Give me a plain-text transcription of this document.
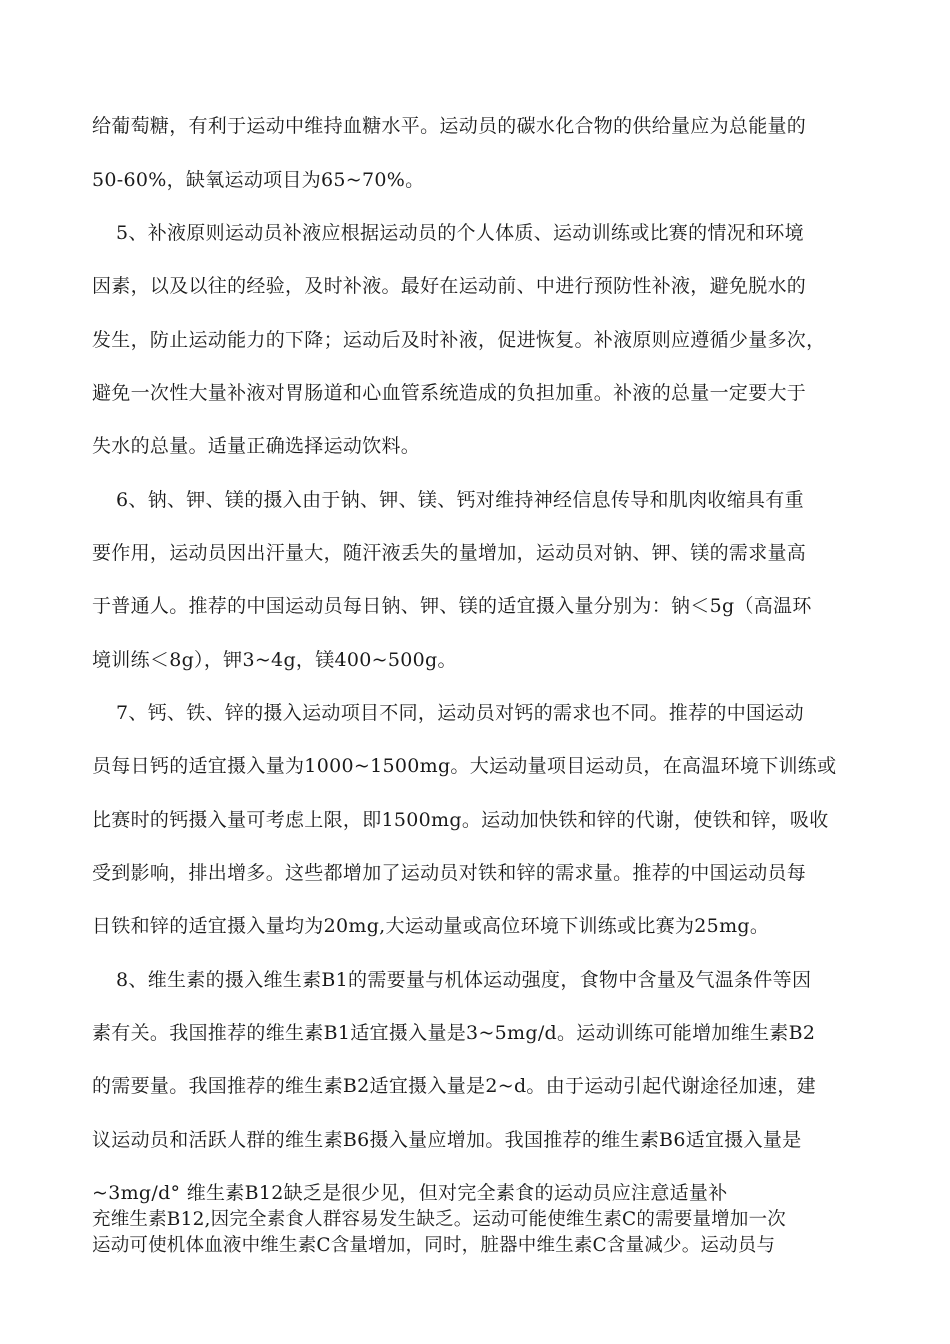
给葡萄糖，有利于运动中维持血糖水平。运动员的碳水化合物的供给量应为总能量的
50-60%，缺氧运动项目为65~70%。
5、补液原则运动员补液应根据运动员的个人体质、运动训练或比赛的情况和环境
因素，以及以往的经验，及时补液。最好在运动前、中进行预防性补液，避免脱水的
发生，防止运动能力的下降；运动后及时补液，促进恢复。补液原则应遵循少量多次，
避免一次性大量补液对胃肠道和心血管系统造成的负担加重。补液的总量一定要大于
失水的总量。适量正确选择运动饮料。
6、钠、钾、镁的摄入由于钠、钾、镁、钙对维持神经信息传导和肌肉收缩具有重
要作用，运动员因出汗量大，随汗液丢失的量增加，运动员对钠、钾、镁的需求量高
于普通人。推荐的中国运动员每日钠、钾、镁的适宜摄入量分别为：钠＜5g（高温环
境训练＜8g），钾3~4g，镁400~500g。
7、钙、铁、锌的摄入运动项目不同，运动员对钙的需求也不同。推荐的中国运动
员每日钙的适宜摄入量为1000~1500mg。大运动量项目运动员，在高温环境下训练或
比赛时的钙摄入量可考虑上限，即1500mg。运动加快铁和锌的代谢，使铁和锌，吸收
受到影响，排出增多。这些都增加了运动员对铁和锌的需求量。推荐的中国运动员每
日铁和锌的适宜摄入量均为20mg,大运动量或高位环境下训练或比赛为25mg。
8、维生素的摄入维生素B1的需要量与机体运动强度，食物中含量及气温条件等因
素有关。我国推荐的维生素B1适宜摄入量是3~5mg/d。运动训练可能增加维生素B2
的需要量。我国推荐的维生素B2适宜摄入量是2~d。由于运动引起代谢途径加速，建
议运动员和活跃人群的维生素B6摄入量应增加。我国推荐的维生素B6适宜摄入量是
~3mg/d° 维生素B12缺乏是很少见，但对完全素食的运动员应注意适量补
充维生素B12,因完全素食人群容易发生缺乏。运动可能使维生素C的需要量增加一次
运动可使机体血液中维生素C含量增加，同时，脏器中维生素C含量减少。运动员与
